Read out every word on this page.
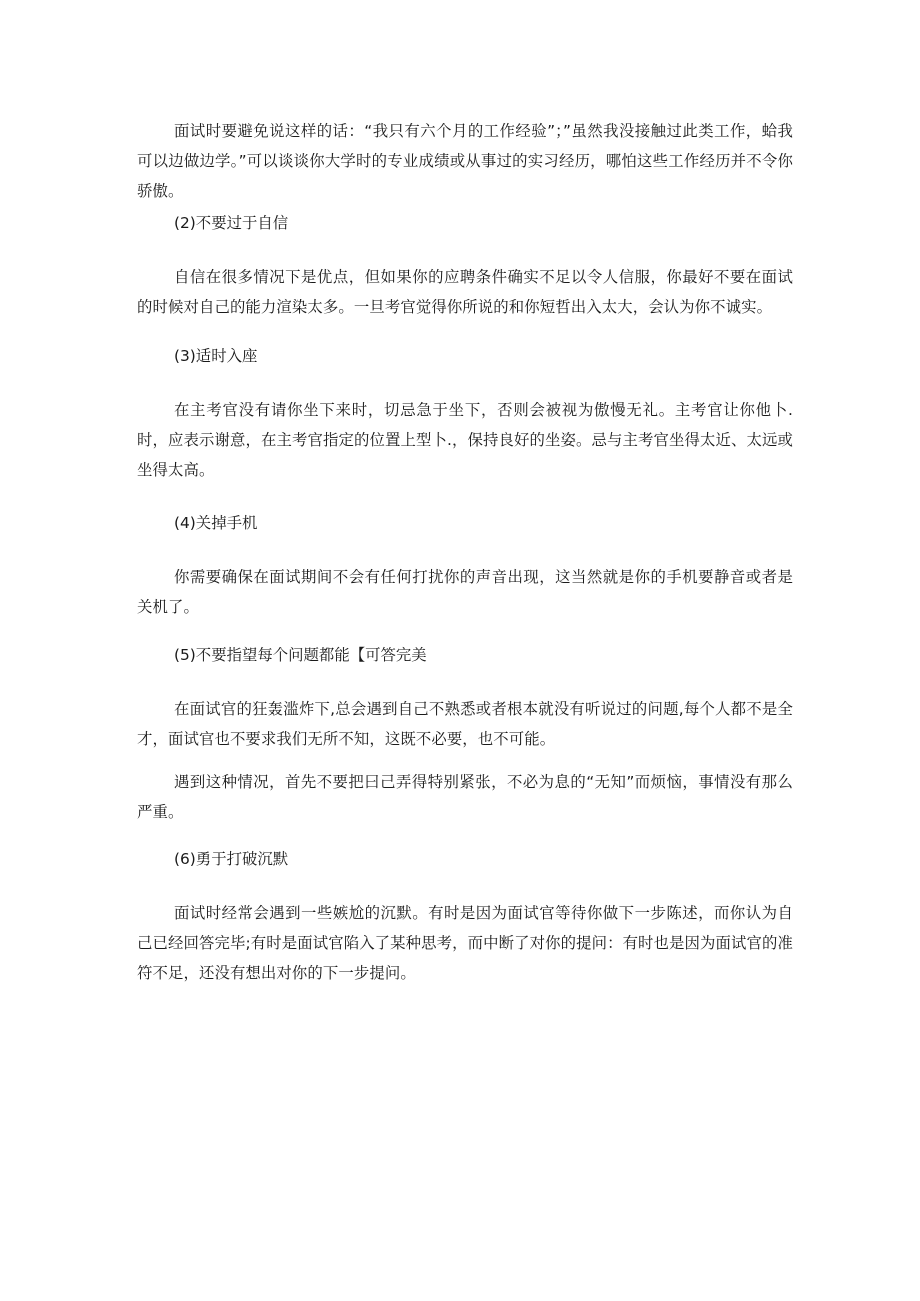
面试时要避免说这样的话：“我只有六个月的工作经验”；”虽然我没接触过此类工作，蛤我可以边做边学。”可以谈谈你大学时的专业成绩或从事过的实习经历，哪怕这些工作经历并不令你骄傲。

(2)不要过于自信

自信在很多情况下是优点，但如果你的应聘条件确实不足以令人信服，你最好不要在面试的时候对自己的能力渲染太多。一旦考官觉得你所说的和你短哲出入太大，会认为你不诚实。

(3)适时入座

在主考官没有请你坐下来时，切忌急于坐下，否则会被视为傲慢无礼。主考官让你他卜.时，应表示谢意，在主考官指定的位置上型卜.，保持良好的坐姿。忌与主考官坐得太近、太远或坐得太高。

(4)关掉手机

你需要确保在面试期间不会有任何打扰你的声音出现，这当然就是你的手机要静音或者是关机了。

(5)不要指望每个问题都能【可答完美

在面试官的狂轰滥炸下,总会遇到自己不熟悉或者根本就没有听说过的问题,每个人都不是全才，面试官也不要求我们无所不知，这既不必要，也不可能。

遇到这种情况，首先不要把曰己弄得特别紧张，不必为息的“无知”而烦恼，事情没有那么严重。

(6)勇于打破沉默

面试时经常会遇到一些嫉尬的沉默。有时是因为面试官等待你做下一步陈述，而你认为自己已经回答完毕;有时是面试官陷入了某种思考，而中断了对你的提问：有时也是因为面试官的准符不足，还没有想出对你的下一步提问。
